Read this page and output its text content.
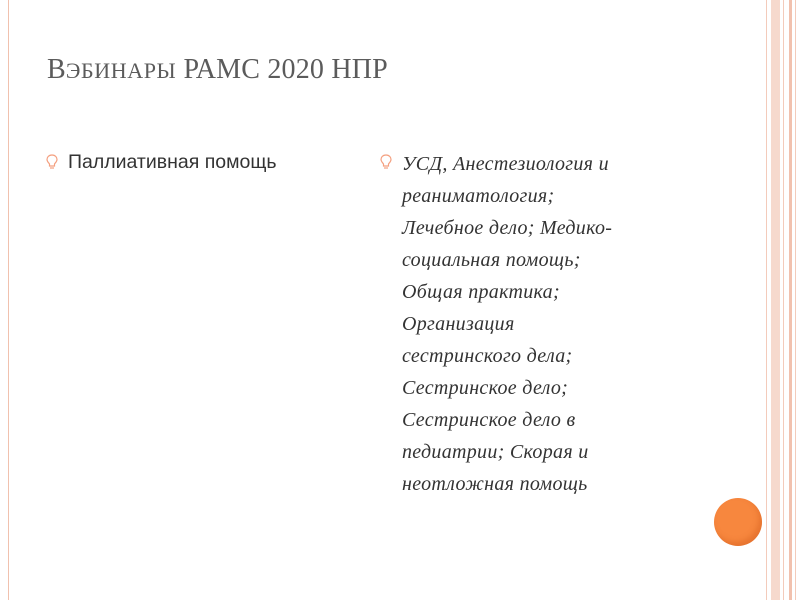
ВЭБИНАРЫ РАМС 2020 НПР
Паллиативная помощь	УСД, Анестезиология и
реаниматология;
Лечебное дело; Медико-
социальная помощь;
Общая практика;
Организация
сестринского дела;
Сестринское дело;
Сестринское дело в
педиатрии; Скорая и
неотложная помощь
